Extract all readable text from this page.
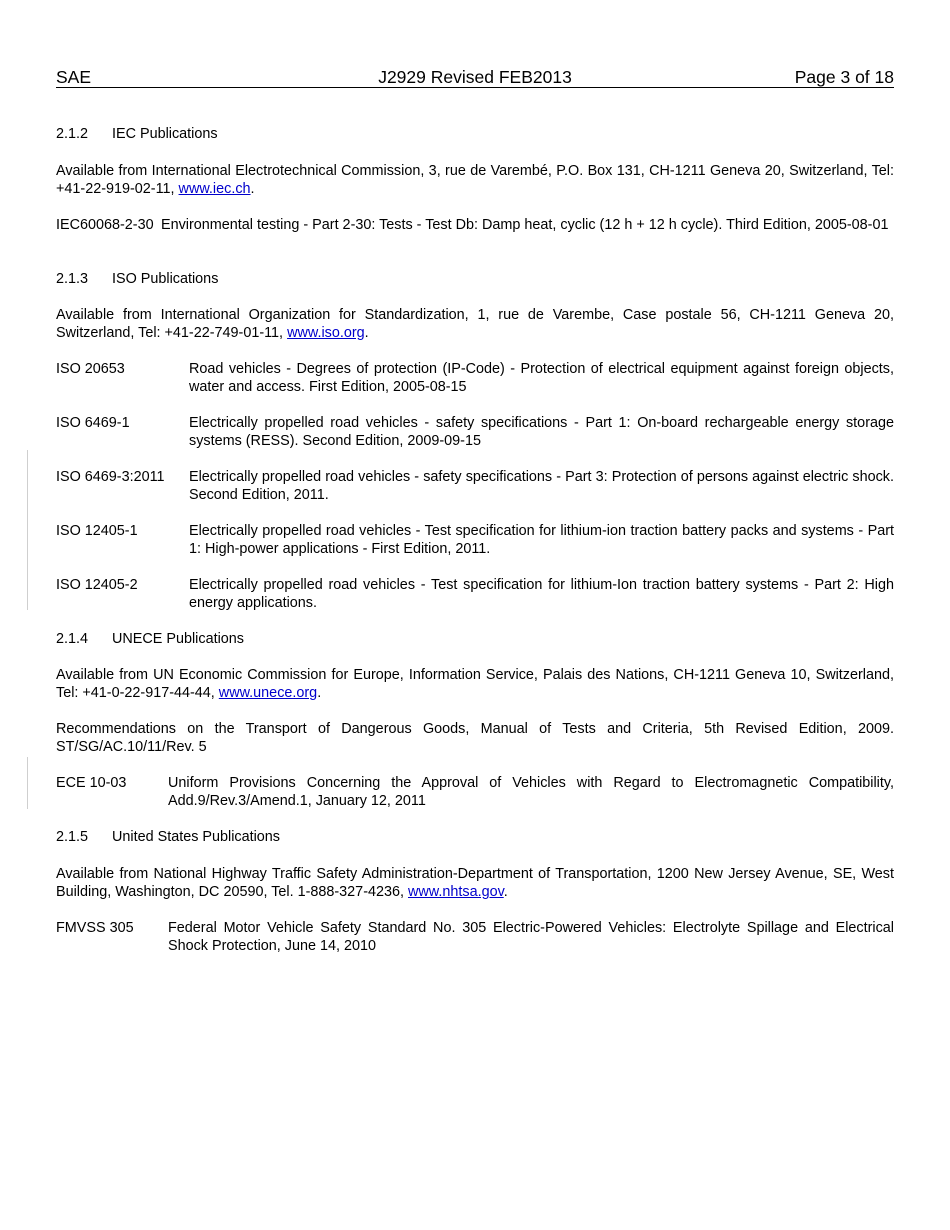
SAE	J2929 Revised FEB2013	Page 3 of 18
2.1.2 IEC Publications
Available from International Electrotechnical Commission, 3, rue de Varembé, P.O. Box 131, CH-1211 Geneva 20, Switzerland, Tel: +41-22-919-02-11, www.iec.ch.
IEC60068-2-30 Environmental testing - Part 2-30: Tests - Test Db: Damp heat, cyclic (12 h + 12 h cycle). Third Edition, 2005-08-01
2.1.3 ISO Publications
Available from International Organization for Standardization, 1, rue de Varembe, Case postale 56, CH-1211 Geneva 20, Switzerland, Tel: +41-22-749-01-11, www.iso.org.
ISO 20653	Road vehicles - Degrees of protection (IP-Code) - Protection of electrical equipment against foreign objects, water and access. First Edition, 2005-08-15
ISO 6469-1	Electrically propelled road vehicles - safety specifications - Part 1: On-board rechargeable energy storage systems (RESS). Second Edition, 2009-09-15
ISO 6469-3:2011 Electrically propelled road vehicles - safety specifications - Part 3: Protection of persons against electric shock. Second Edition, 2011.
ISO 12405-1	Electrically propelled road vehicles - Test specification for lithium-ion traction battery packs and systems - Part 1: High-power applications - First Edition, 2011.
ISO 12405-2	Electrically propelled road vehicles - Test specification for lithium-Ion traction battery systems - Part 2: High energy applications.
2.1.4 UNECE Publications
Available from UN Economic Commission for Europe, Information Service, Palais des Nations, CH-1211 Geneva 10, Switzerland, Tel: +41-0-22-917-44-44, www.unece.org.
Recommendations on the Transport of Dangerous Goods, Manual of Tests and Criteria, 5th Revised Edition, 2009. ST/SG/AC.10/11/Rev. 5
ECE 10-03	Uniform Provisions Concerning the Approval of Vehicles with Regard to Electromagnetic Compatibility, Add.9/Rev.3/Amend.1, January 12, 2011
2.1.5 United States Publications
Available from National Highway Traffic Safety Administration-Department of Transportation, 1200 New Jersey Avenue, SE, West Building, Washington, DC 20590, Tel. 1-888-327-4236, www.nhtsa.gov.
FMVSS 305 Federal Motor Vehicle Safety Standard No. 305 Electric-Powered Vehicles: Electrolyte Spillage and Electrical Shock Protection, June 14, 2010
